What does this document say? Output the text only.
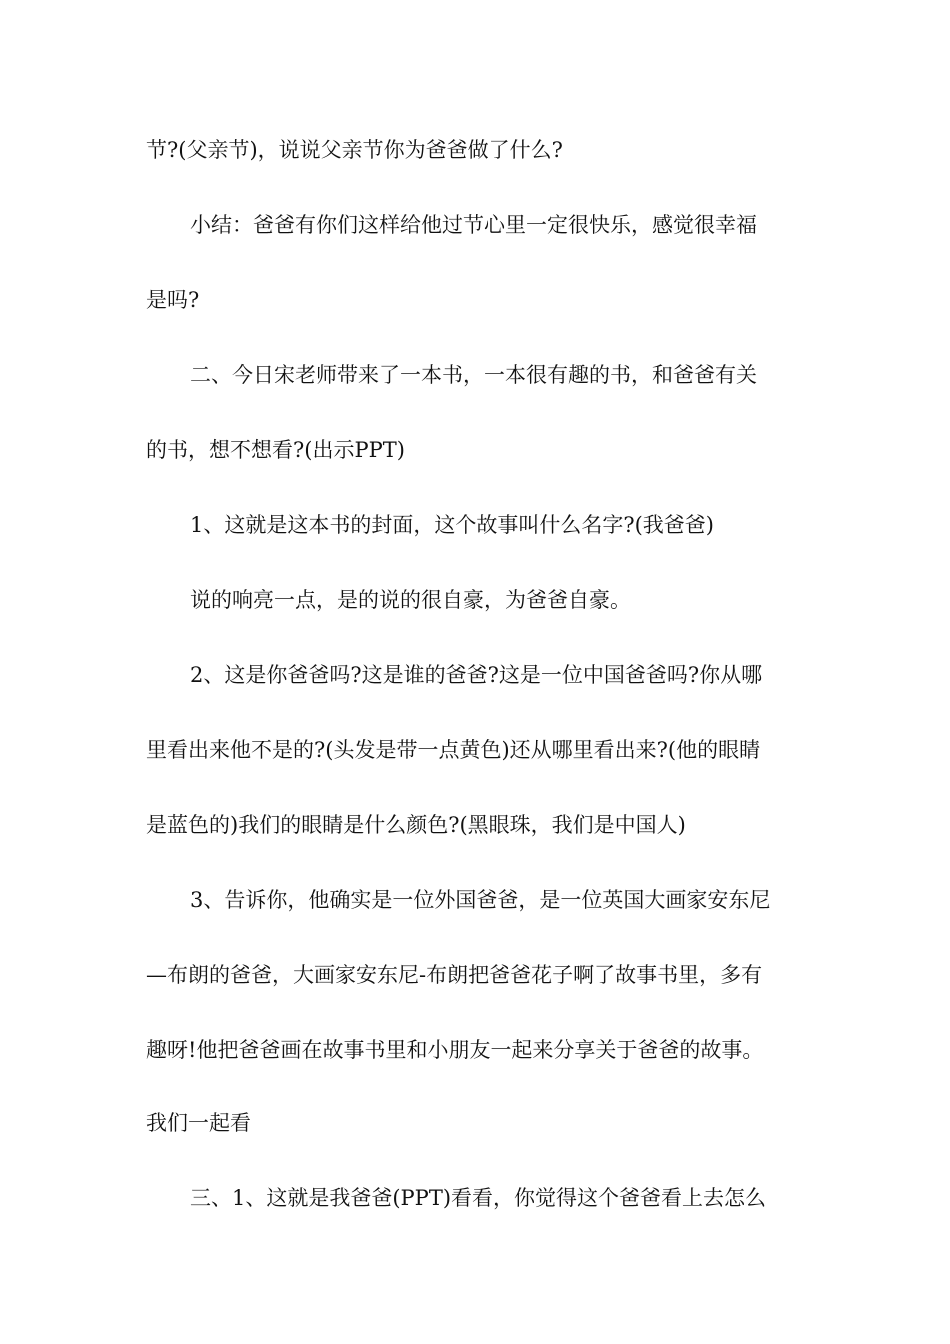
节?(父亲节)，说说父亲节你为爸爸做了什么?
小结：爸爸有你们这样给他过节心里一定很快乐，感觉很幸福
是吗?
二、今日宋老师带来了一本书，一本很有趣的书，和爸爸有关
的书，想不想看?(出示PPT)
1、这就是这本书的封面，这个故事叫什么名字?(我爸爸)
说的响亮一点，是的说的很自豪，为爸爸自豪。
2、这是你爸爸吗?这是谁的爸爸?这是一位中国爸爸吗?你从哪
里看出来他不是的?(头发是带一点黄色)还从哪里看出来?(他的眼睛
是蓝色的)我们的眼睛是什么颜色?(黑眼珠，我们是中国人)
3、告诉你，他确实是一位外国爸爸，是一位英国大画家安东尼
—布朗的爸爸，大画家安东尼-布朗把爸爸花子啊了故事书里，多有
趣呀!他把爸爸画在故事书里和小朋友一起来分享关于爸爸的故事。
我们一起看
三、1、这就是我爸爸(PPT)看看，你觉得这个爸爸看上去怎么
